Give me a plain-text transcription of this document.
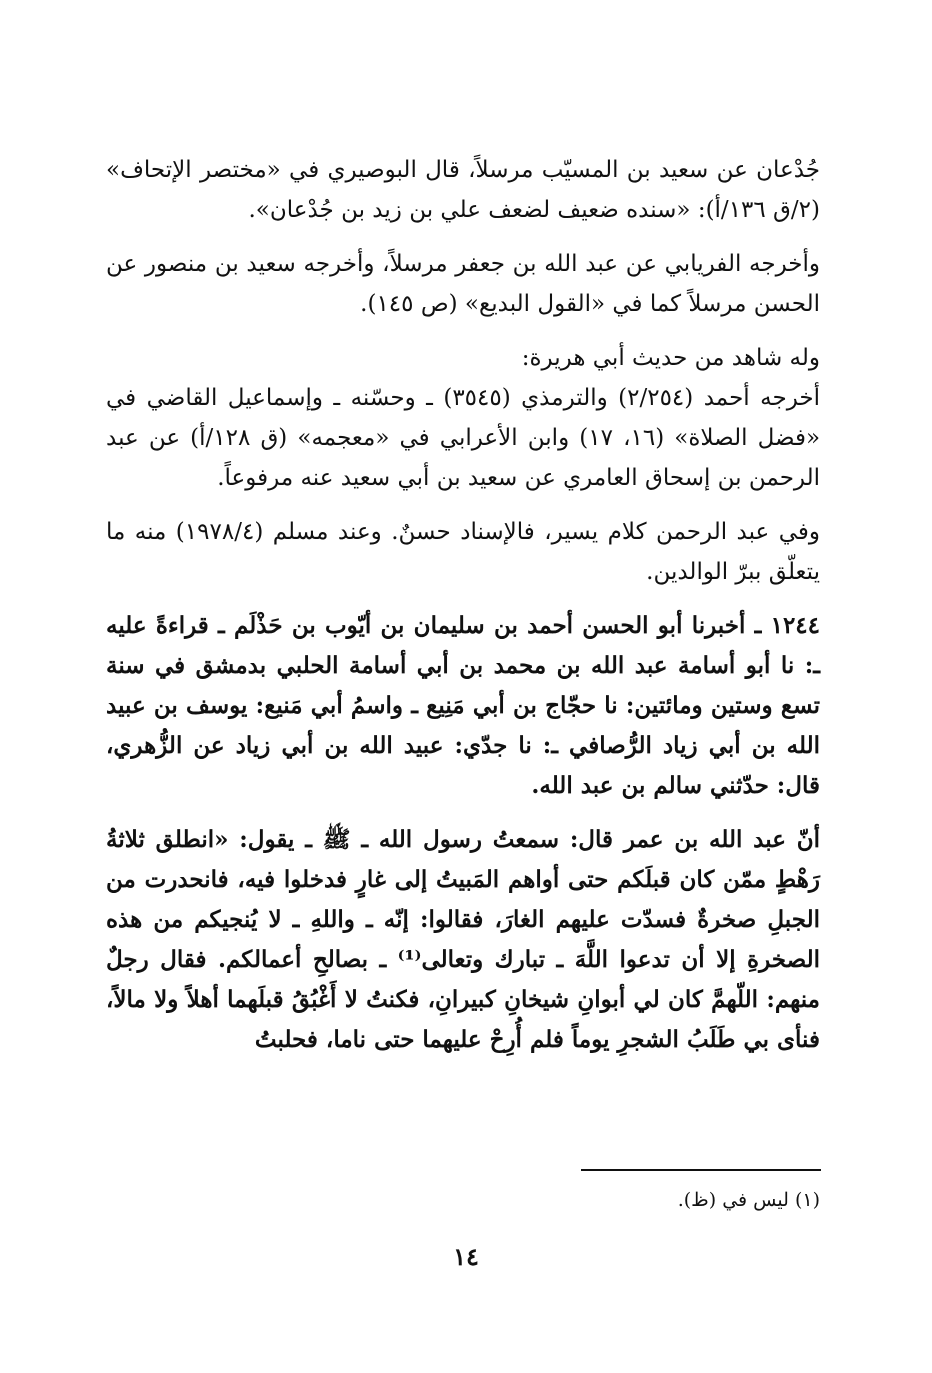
جُدْعان عن سعيد بن المسيّب مرسلاً، قال البوصيري في «مختصر الإتحاف» (٢/ق ١٣٦/أ): «سنده ضعيف لضعف علي بن زيد بن جُدْعان».

وأخرجه الفريابي عن عبد الله بن جعفر مرسلاً، وأخرجه سعيد بن منصور عن الحسن مرسلاً كما في «القول البديع» (ص ١٤٥).

وله شاهد من حديث أبي هريرة:

أخرجه أحمد (٢/٢٥٤) والترمذي (٣٥٤٥) ـ وحسّنه ـ وإسماعيل القاضي في «فضل الصلاة» (١٦، ١٧) وابن الأعرابي في «معجمه» (ق ١٢٨/أ) عن عبد الرحمن بن إسحاق العامري عن سعيد بن أبي سعيد عنه مرفوعاً.

وفي عبد الرحمن كلام يسير، فالإسناد حسنٌ. وعند مسلم (١٩٧٨/٤) منه ما يتعلّق ببرّ الوالدين.

١٢٤٤ ـ أخبرنا أبو الحسن أحمد بن سليمان بن أيّوب بن حَذْلَم ـ قراءةً عليه ـ: نا أبو أسامة عبد الله بن محمد بن أبي أسامة الحلبي بدمشق في سنة تسع وستين ومائتين: نا حجّاج بن أبي مَنِيع ـ واسمُ أبي مَنيع: يوسف بن عبيد الله بن أبي زياد الرُّصافي ـ: نا جدّي: عبيد الله بن أبي زياد عن الزُّهري، قال: حدّثني سالم بن عبد الله.

أنّ عبد الله بن عمر قال: سمعتُ رسول الله ـ ﷺ ـ يقول: «انطلق ثلاثةُ رَهْطٍ ممّن كان قبلَكم حتى أواهم المَبيتُ إلى غارٍ فدخلوا فيه، فانحدرت من الجبلِ صخرةٌ فسدّت عليهم الغارَ، فقالوا: إنّه ـ واللهِ ـ لا يُنجيكم من هذه الصخرةِ إلا أن تدعوا اللَّهَ ـ تبارك وتعالى⁽¹⁾ ـ بصالحِ أعمالكم. فقال رجلٌ منهم: اللّهمَّ كان لي أبوانِ شيخانِ كبيرانِ، فكنتُ لا أَغْبُقُ قبلَهما أهلاً ولا مالاً، فنأى بي طَلَبُ الشجرِ يوماً فلم أُرِحْ عليهما حتى ناما، فحلبتُ

(١) ليس في (ظ).

١٤
